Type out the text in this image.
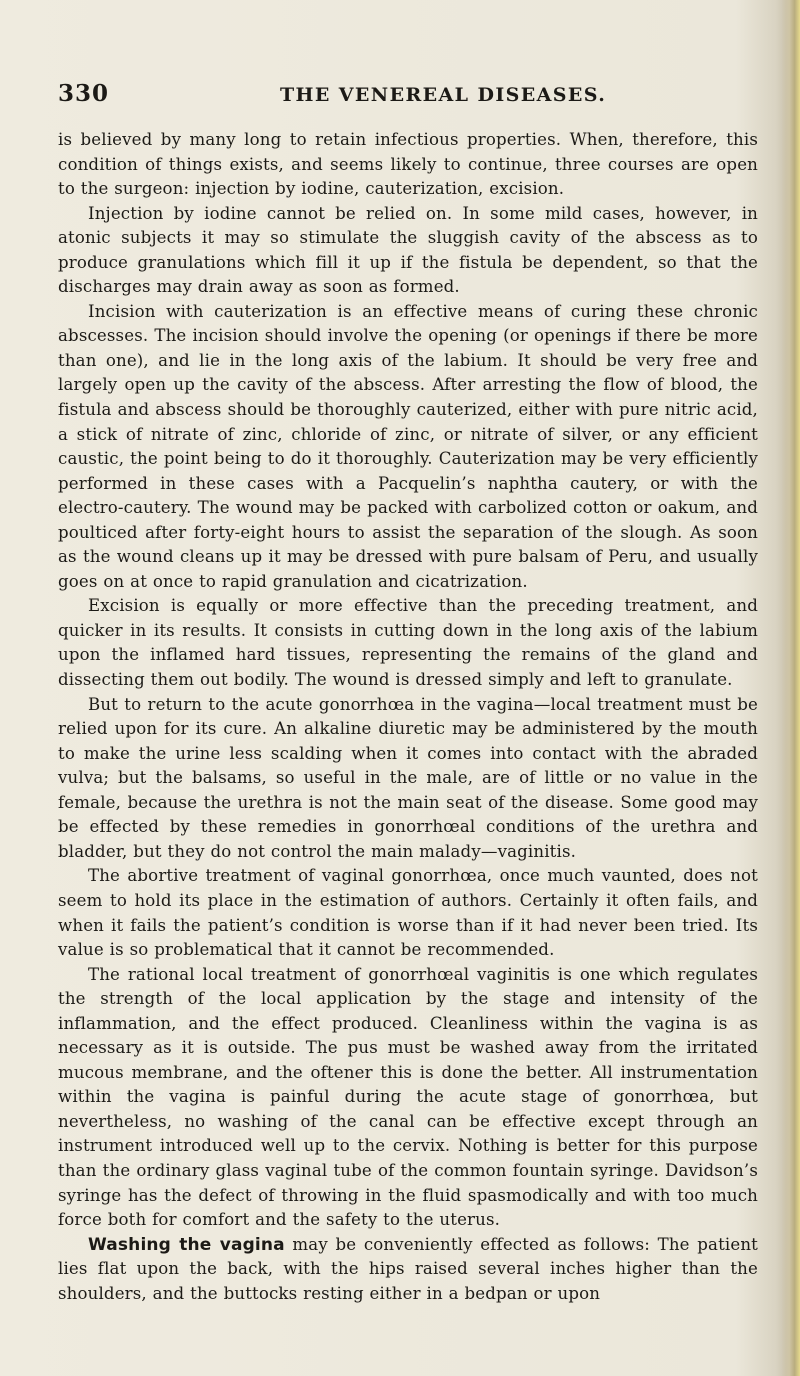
330	THE VENEREAL DISEASES.

is believed by many long to retain infectious properties. When, therefore, this condition of things exists, and seems likely to continue, three courses are open to the surgeon: injection by iodine, cauterization, excision.

Injection by iodine cannot be relied on. In some mild cases, however, in atonic subjects it may so stimulate the sluggish cavity of the abscess as to produce granulations which fill it up if the fistula be dependent, so that the discharges may drain away as soon as formed.

Incision with cauterization is an effective means of curing these chronic abscesses. The incision should involve the opening (or openings if there be more than one), and lie in the long axis of the labium. It should be very free and largely open up the cavity of the abscess. After arresting the flow of blood, the fistula and abscess should be thoroughly cauterized, either with pure nitric acid, a stick of nitrate of zinc, chloride of zinc, or nitrate of silver, or any efficient caustic, the point being to do it thoroughly. Cauterization may be very efficiently performed in these cases with a Pacquelin’s naphtha cautery, or with the electro-cautery. The wound may be packed with carbolized cotton or oakum, and poulticed after forty-eight hours to assist the separation of the slough. As soon as the wound cleans up it may be dressed with pure balsam of Peru, and usually goes on at once to rapid granulation and cicatrization.

Excision is equally or more effective than the preceding treatment, and quicker in its results. It consists in cutting down in the long axis of the labium upon the inflamed hard tissues, representing the remains of the gland and dissecting them out bodily. The wound is dressed simply and left to granulate.

But to return to the acute gonorrhœa in the vagina—local treatment must be relied upon for its cure. An alkaline diuretic may be administered by the mouth to make the urine less scalding when it comes into contact with the abraded vulva; but the balsams, so useful in the male, are of little or no value in the female, because the urethra is not the main seat of the disease. Some good may be effected by these remedies in gonorrhœal conditions of the urethra and bladder, but they do not control the main malady—vaginitis.

The abortive treatment of vaginal gonorrhœa, once much vaunted, does not seem to hold its place in the estimation of authors. Certainly it often fails, and when it fails the patient’s condition is worse than if it had never been tried. Its value is so problematical that it cannot be recommended.

The rational local treatment of gonorrhœal vaginitis is one which regulates the strength of the local application by the stage and intensity of the inflammation, and the effect produced. Cleanliness within the vagina is as necessary as it is outside. The pus must be washed away from the irritated mucous membrane, and the oftener this is done the better. All instrumentation within the vagina is painful during the acute stage of gonorrhœa, but nevertheless, no washing of the canal can be effective except through an instrument introduced well up to the cervix. Nothing is better for this purpose than the ordinary glass vaginal tube of the common fountain syringe. Davidson’s syringe has the defect of throwing in the fluid spasmodically and with too much force both for comfort and the safety to the uterus.

Washing the vagina may be conveniently effected as follows: The patient lies flat upon the back, with the hips raised several inches higher than the shoulders, and the buttocks resting either in a bedpan or upon
